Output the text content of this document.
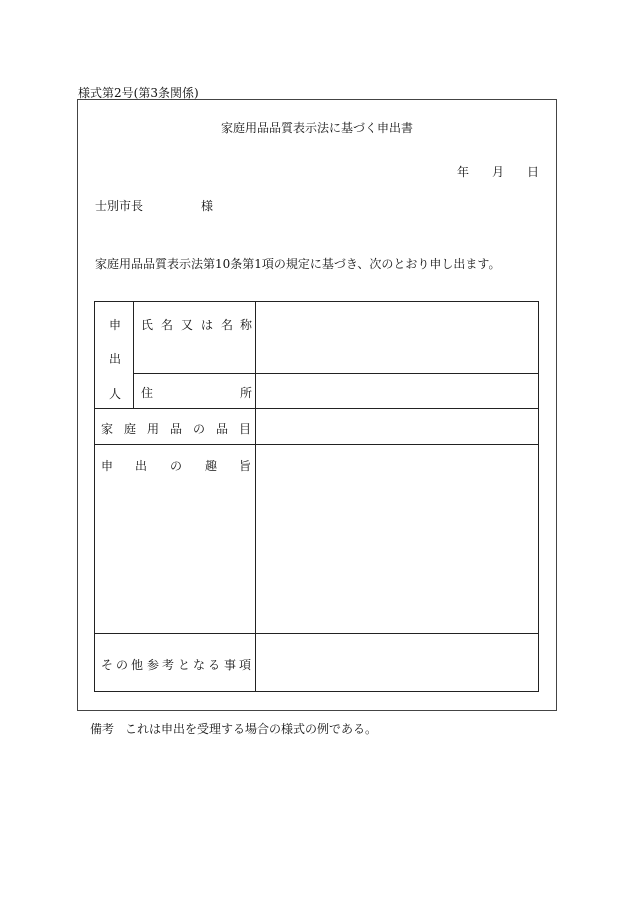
様式第2号(第3条関係)
家庭用品品質表示法に基づく申出書
年 月 日
士別市長	様
家庭用品品質表示法第10条第1項の規定に基づき、次のとおり申し出ます。
申
出
人
氏 名 又 は 名 称
住	所
家 庭 用 品 の 品 目
申 出 の 趣 旨
そ の 他 参 考 と な る 事 項
備考 これは申出を受理する場合の様式の例である。
